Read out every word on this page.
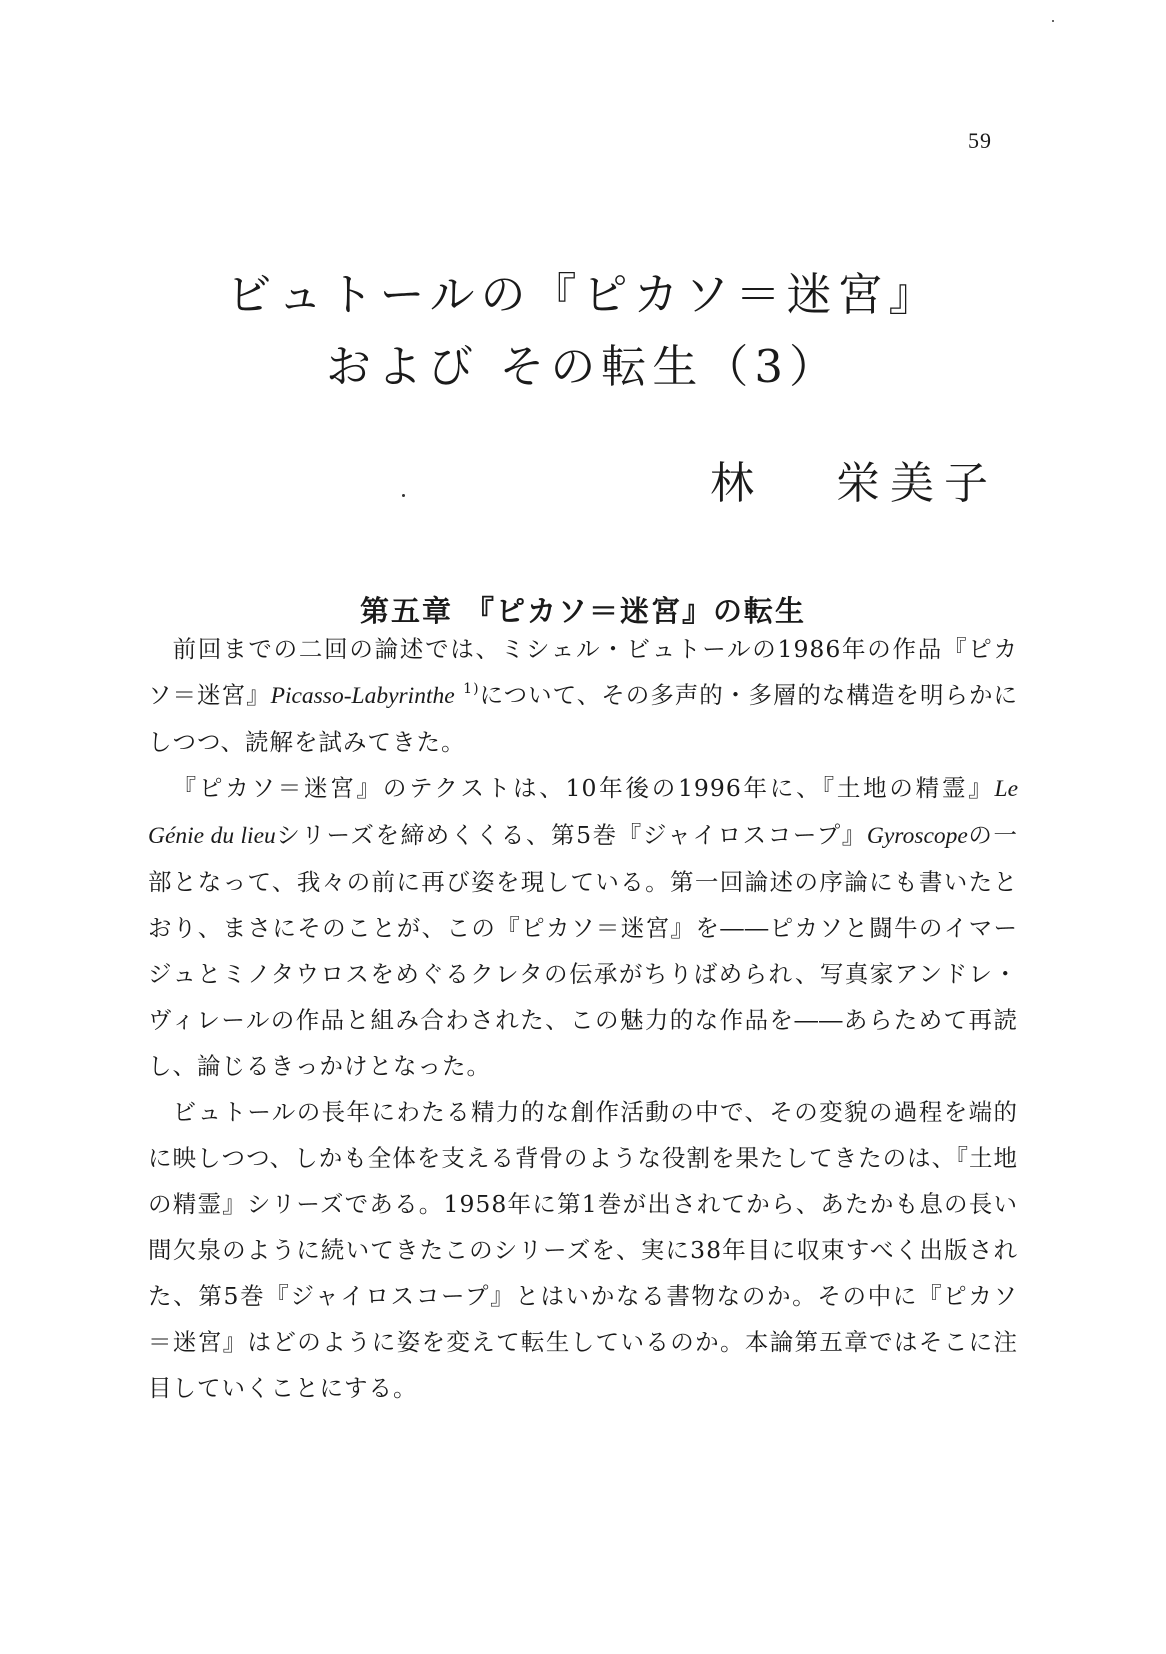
59
ビュトールの『ピカソ＝迷宮』
および その転生（3）
林 栄美子
第五章 『ピカソ＝迷宮』の転生

前回までの二回の論述では、ミシェル・ビュトールの1986年の作品『ピカソ＝迷宮』Picasso-Labyrinthe $^{1)}$について、その多声的・多層的な構造を明らかにしつつ、読解を試みてきた。

『ピカソ＝迷宮』のテクストは、10年後の1996年に、『土地の精霊』Le Génie du lieuシリーズを締めくくる、第5巻『ジャイロスコープ』Gyroscopeの一部となって、我々の前に再び姿を現している。第一回論述の序論にも書いたとおり、まさにそのことが、この『ピカソ＝迷宮』を――ピカソと闘牛のイマージュとミノタウロスをめぐるクレタの伝承がちりばめられ、写真家アンドレ・ヴィレールの作品と組み合わされた、この魅力的な作品を――あらためて再読し、論じるきっかけとなった。

ビュトールの長年にわたる精力的な創作活動の中で、その変貌の過程を端的に映しつつ、しかも全体を支える背骨のような役割を果たしてきたのは、『土地の精霊』シリーズである。1958年に第1巻が出されてから、あたかも息の長い間欠泉のように続いてきたこのシリーズを、実に38年目に収束すべく出版された、第5巻『ジャイロスコープ』とはいかなる書物なのか。その中に『ピカソ＝迷宮』はどのように姿を変えて転生しているのか。本論第五章ではそこに注目していくことにする。
